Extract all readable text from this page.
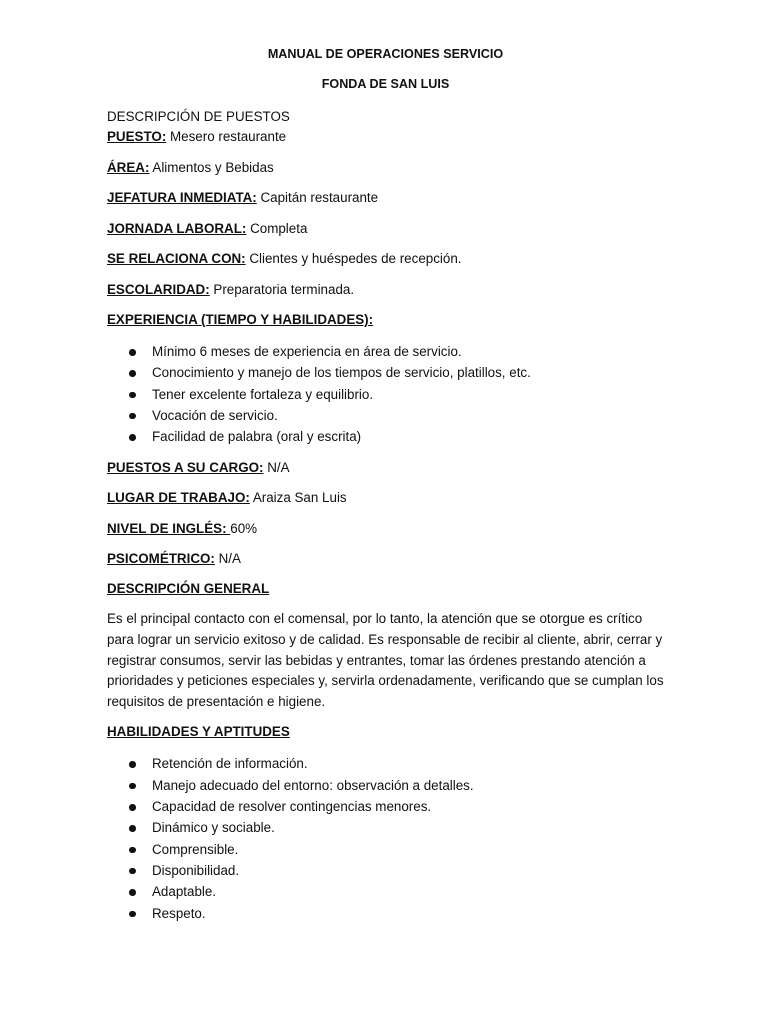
MANUAL DE OPERACIONES SERVICIO

FONDA DE SAN LUIS

DESCRIPCIÓN DE PUESTOS

PUESTO: Mesero restaurante

ÁREA: Alimentos y Bebidas

JEFATURA INMEDIATA: Capitán restaurante

JORNADA LABORAL: Completa

SE RELACIONA CON: Clientes y huéspedes de recepción.

ESCOLARIDAD: Preparatoria terminada.

EXPERIENCIA (TIEMPO Y HABILIDADES):

Mínimo 6 meses de experiencia en área de servicio.
Conocimiento y manejo de los tiempos de servicio, platillos, etc.
Tener excelente fortaleza y equilibrio.
Vocación de servicio.
Facilidad de palabra (oral y escrita)

PUESTOS A SU CARGO: N/A

LUGAR DE TRABAJO: Araiza San Luis

NIVEL DE INGLÉS: 60%

PSICOMÉTRICO: N/A

DESCRIPCIÓN GENERAL

Es el principal contacto con el comensal, por lo tanto, la atención que se otorgue es crítico para lograr un servicio exitoso y de calidad. Es responsable de recibir al cliente, abrir, cerrar y registrar consumos, servir las bebidas y entrantes, tomar las órdenes prestando atención a prioridades y peticiones especiales y, servirla ordenadamente, verificando que se cumplan los requisitos de presentación e higiene.

HABILIDADES Y APTITUDES

Retención de información.
Manejo adecuado del entorno: observación a detalles.
Capacidad de resolver contingencias menores.
Dinámico y sociable.
Comprensible.
Disponibilidad.
Adaptable.
Respeto.
